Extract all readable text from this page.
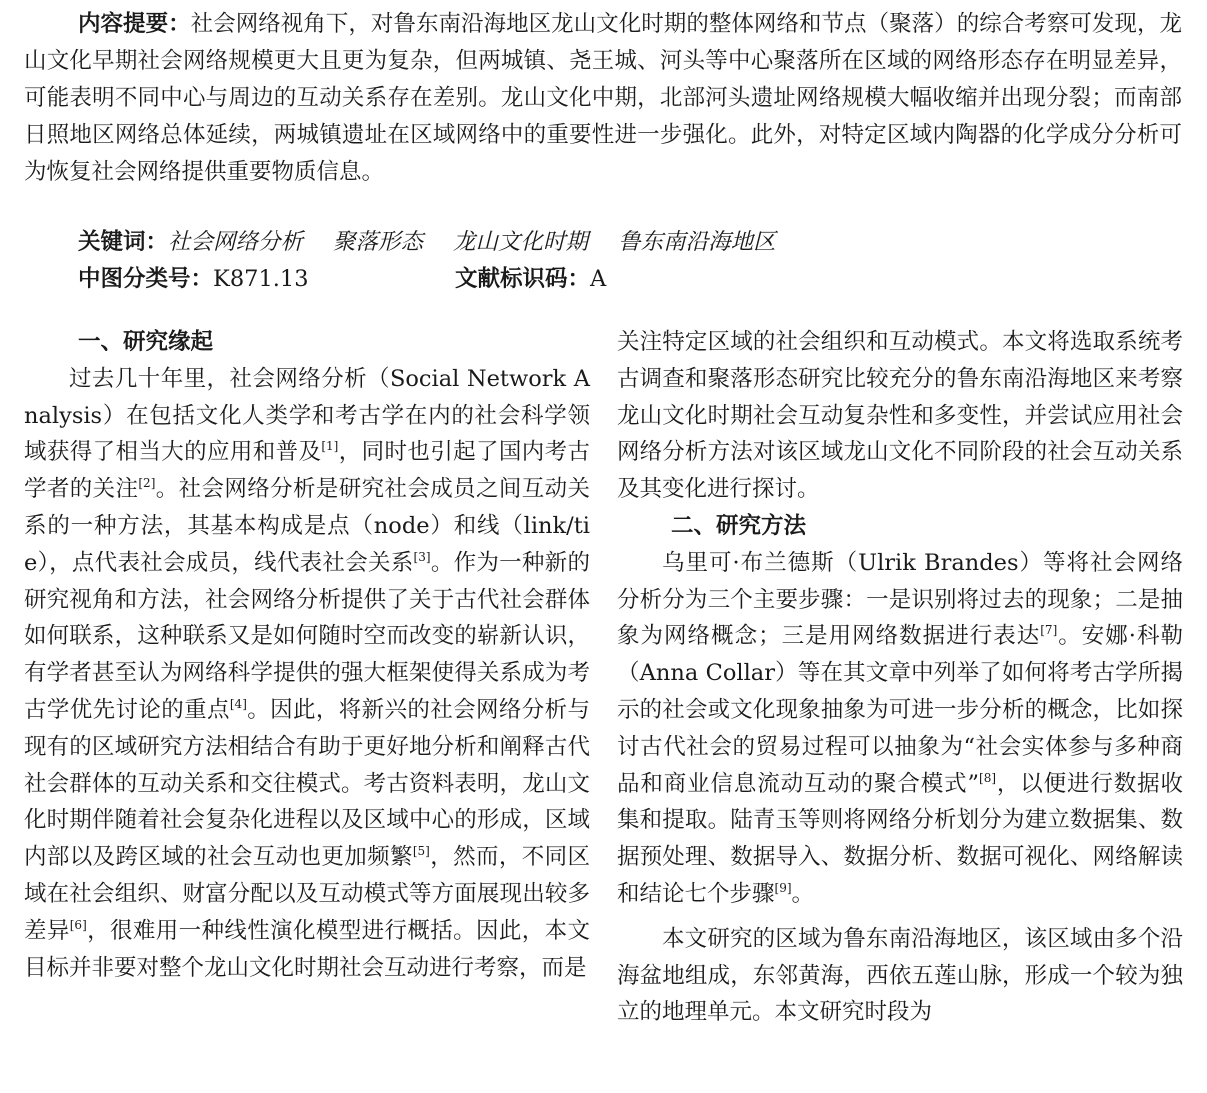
内容提要：社会网络视角下，对鲁东南沿海地区龙山文化时期的整体网络和节点（聚落）的综合考察可发现，龙山文化早期社会网络规模更大且更为复杂，但两城镇、尧王城、河头等中心聚落所在区域的网络形态存在明显差异，可能表明不同中心与周边的互动关系存在差别。龙山文化中期，北部河头遗址网络规模大幅收缩并出现分裂；而南部日照地区网络总体延续，两城镇遗址在区域网络中的重要性进一步强化。此外，对特定区域内陶器的化学成分分析可为恢复社会网络提供重要物质信息。

关键词：社会网络分析 聚落形态 龙山文化时期 鲁东南沿海地区
中图分类号：K871.13	文献标识码：A
一、研究缘起

过去几十年里，社会网络分析（Social Network Analysis）在包括文化人类学和考古学在内的社会科学领域获得了相当大的应用和普及[1]，同时也引起了国内考古学者的关注[2]。社会网络分析是研究社会成员之间互动关系的一种方法，其基本构成是点（node）和线（link/tie），点代表社会成员，线代表社会关系[3]。作为一种新的研究视角和方法，社会网络分析提供了关于古代社会群体如何联系，这种联系又是如何随时空而改变的崭新认识，有学者甚至认为网络科学提供的强大框架使得关系成为考古学优先讨论的重点[4]。因此，将新兴的社会网络分析与现有的区域研究方法相结合有助于更好地分析和阐释古代社会群体的互动关系和交往模式。考古资料表明，龙山文化时期伴随着社会复杂化进程以及区域中心的形成，区域内部以及跨区域的社会互动也更加频繁[5]，然而，不同区域在社会组织、财富分配以及互动模式等方面展现出较多差异[6]，很难用一种线性演化模型进行概括。因此，本文目标并非要对整个龙山文化时期社会互动进行考察，而是

关注特定区域的社会组织和互动模式。本文将选取系统考古调查和聚落形态研究比较充分的鲁东南沿海地区来考察龙山文化时期社会互动复杂性和多变性，并尝试应用社会网络分析方法对该区域龙山文化不同阶段的社会互动关系及其变化进行探讨。

二、研究方法

乌里可·布兰德斯（Ulrik Brandes）等将社会网络分析分为三个主要步骤：一是识别将过去的现象；二是抽象为网络概念；三是用网络数据进行表达[7]。安娜·科勒（Anna Collar）等在其文章中列举了如何将考古学所揭示的社会或文化现象抽象为可进一步分析的概念，比如探讨古代社会的贸易过程可以抽象为“社会实体参与多种商品和商业信息流动互动的聚合模式”[8]，以便进行数据收集和提取。陆青玉等则将网络分析划分为建立数据集、数据预处理、数据导入、数据分析、数据可视化、网络解读和结论七个步骤[9]。

本文研究的区域为鲁东南沿海地区，该区域由多个沿海盆地组成，东邻黄海，西依五莲山脉，形成一个较为独立的地理单元。本文研究时段为
